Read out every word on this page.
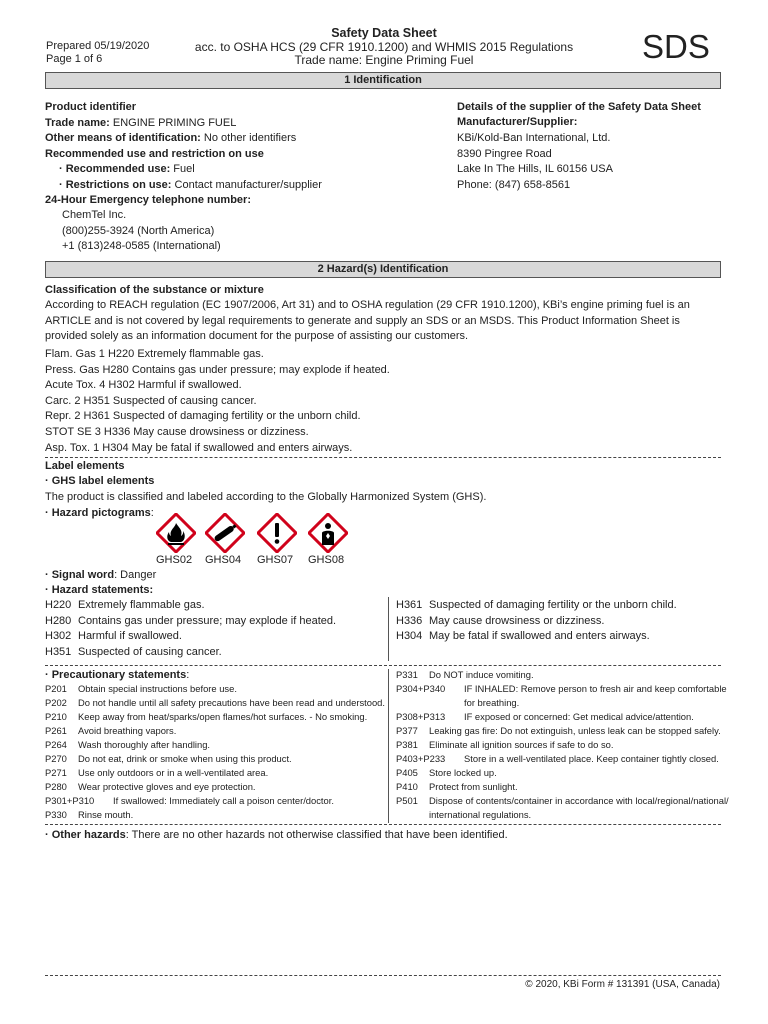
Safety Data Sheet
acc. to OSHA HCS (29 CFR 1910.1200) and WHMIS 2015 Regulations
Trade name: Engine Priming Fuel
Prepared 05/19/2020
Page 1 of 6	SDS
1 Identification
Product identifier
Trade name: ENGINE PRIMING FUEL
Other means of identification: No other identifiers
Recommended use and restriction on use
· Recommended use: Fuel
· Restrictions on use: Contact manufacturer/supplier
24-Hour Emergency telephone number:
ChemTel Inc.
(800)255-3924 (North America)
+1 (813)248-0585 (International)
Details of the supplier of the Safety Data Sheet
Manufacturer/Supplier:
KBi/Kold-Ban International, Ltd.
8390 Pingree Road
Lake In The Hills, IL 60156 USA
Phone: (847) 658-8561
2 Hazard(s) Identification
Classification of the substance or mixture
According to REACH regulation (EC 1907/2006, Art 31) and to OSHA regulation (29 CFR 1910.1200), KBi’s engine priming fuel is an ARTICLE and is not covered by legal requirements to generate and supply an SDS or an MSDS. This Product Information Sheet is provided solely as an information document for the purpose of assisting our customers.
Flam. Gas 1 H220 Extremely flammable gas.
Press. Gas H280 Contains gas under pressure; may explode if heated.
Acute Tox. 4 H302 Harmful if swallowed.
Carc. 2 H351 Suspected of causing cancer.
Repr. 2 H361 Suspected of damaging fertility or the unborn child.
STOT SE 3 H336 May cause drowsiness or dizziness.
Asp. Tox. 1 H304 May be fatal if swallowed and enters airways.
Label elements
· GHS label elements
The product is classified and labeled according to the Globally Harmonized System (GHS).
· Hazard pictograms:
GHS02 GHS04 GHS07 GHS08
· Signal word: Danger
· Hazard statements:
H220 Extremely flammable gas.
H280 Contains gas under pressure; may explode if heated.
H302 Harmful if swallowed.
H351 Suspected of causing cancer.
H361 Suspected of damaging fertility or the unborn child.
H336 May cause drowsiness or dizziness.
H304 May be fatal if swallowed and enters airways.
· Precautionary statements:
P201 Obtain special instructions before use.
P202 Do not handle until all safety precautions have been read and understood.
P210 Keep away from heat/sparks/open flames/hot surfaces. - No smoking.
P261 Avoid breathing vapors.
P264 Wash thoroughly after handling.
P270 Do not eat, drink or smoke when using this product.
P271 Use only outdoors or in a well-ventilated area.
P280 Wear protective gloves and eye protection.
P301+P310 If swallowed: Immediately call a poison center/doctor.
P330 Rinse mouth.
P331 Do NOT induce vomiting.
P304+P340 IF INHALED: Remove person to fresh air and keep comfortable
for breathing.
P308+P313 IF exposed or concerned: Get medical advice/attention.
P377 Leaking gas fire: Do not extinguish, unless leak can be stopped safely.
P381 Eliminate all ignition sources if safe to do so.
P403+P233 Store in a well-ventilated place. Keep container tightly closed.
P405 Store locked up.
P410 Protect from sunlight.
P501 Dispose of contents/container in accordance with local/regional/national/
international regulations.
· Other hazards: There are no other hazards not otherwise classified that have been identified.
© 2020, KBi Form # 131391 (USA, Canada)
